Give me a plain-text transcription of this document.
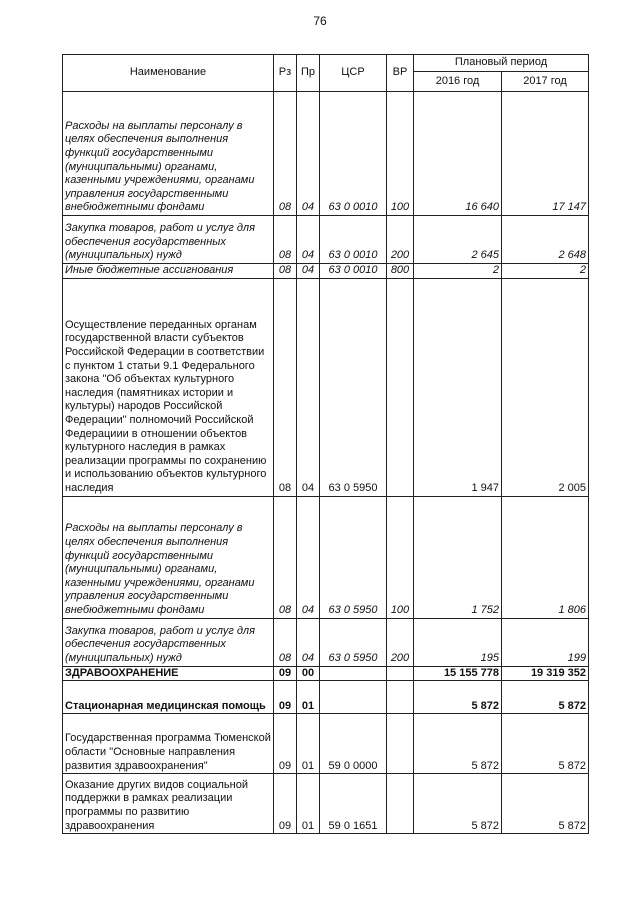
76
Наименование	Рз	Пр	ЦСР	ВР	Плановый период	
					2016 год	2017 год
Расходы на выплаты персоналу в целях обеспечения выполнения функций государственными (муниципальными) органами, казенными учреждениями, органами управления государственными внебюджетными фондами	08	04	63 0 0010	100	16 640	17 147
Закупка товаров, работ и услуг для обеспечения государственных (муниципальных) нужд	08	04	63 0 0010	200	2 645	2 648
Иные бюджетные ассигнования	08	04	63 0 0010	800	2	2
Осуществление переданных органам государственной власти субъектов Российской Федерации в соответствии с пунктом 1 статьи 9.1 Федерального закона "Об объектах культурного наследия (памятниках истории и культуры) народов Российской Федерации" полномочий Российской Федерациии в отношении объектов культурного наследия в рамках реализации программы по сохранению и использованию объектов культурного наследия	08	04	63 0 5950		1 947	2 005
Расходы на выплаты персоналу в целях обеспечения выполнения функций государственными (муниципальными) органами, казенными учреждениями, органами управления государственными внебюджетными фондами	08	04	63 0 5950	100	1 752	1 806
Закупка товаров, работ и услуг для обеспечения государственных (муниципальных) нужд	08	04	63 0 5950	200	195	199
ЗДРАВООХРАНЕНИЕ	09	00			15 155 778	19 319 352
Стационарная медицинская помощь	09	01			5 872	5 872
Государственная программа Тюменской области "Основные направления развития здравоохранения"	09	01	59 0 0000		5 872	5 872
Оказание других видов социальной поддержки в рамках реализации программы по развитию здравоохранения	09	01	59 0 1651		5 872	5 872
